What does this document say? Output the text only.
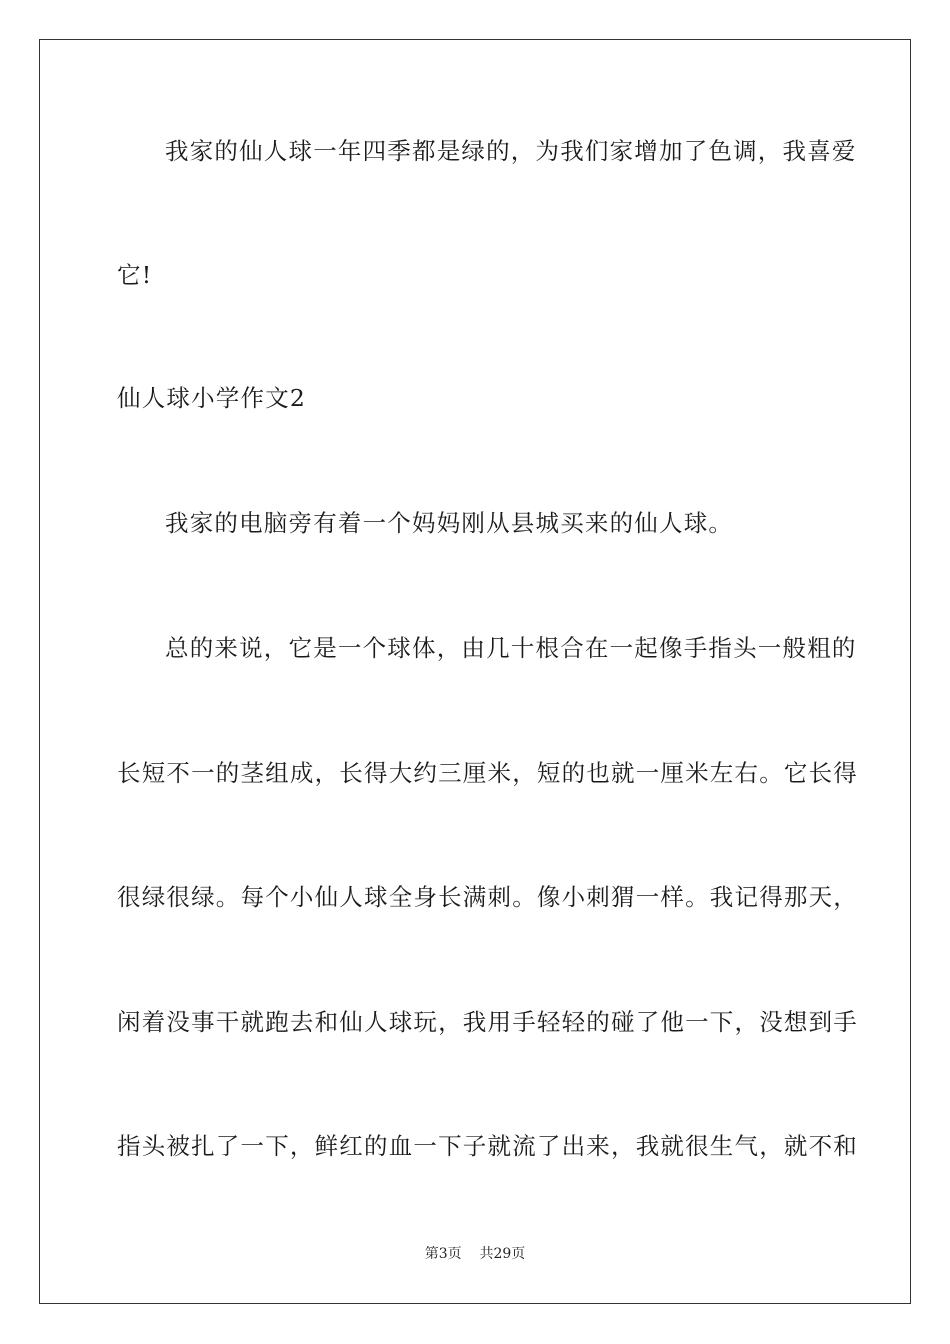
我家的仙人球一年四季都是绿的，为我们家增加了色调，我喜爱
它!
仙人球小学作文2
我家的电脑旁有着一个妈妈刚从县城买来的仙人球。
总的来说，它是一个球体，由几十根合在一起像手指头一般粗的
长短不一的茎组成，长得大约三厘米，短的也就一厘米左右。它长得
很绿很绿。每个小仙人球全身长满刺。像小刺猬一样。我记得那天，
闲着没事干就跑去和仙人球玩，我用手轻轻的碰了他一下，没想到手
指头被扎了一下，鲜红的血一下子就流了出来，我就很生气，就不和
第3页 共29页
